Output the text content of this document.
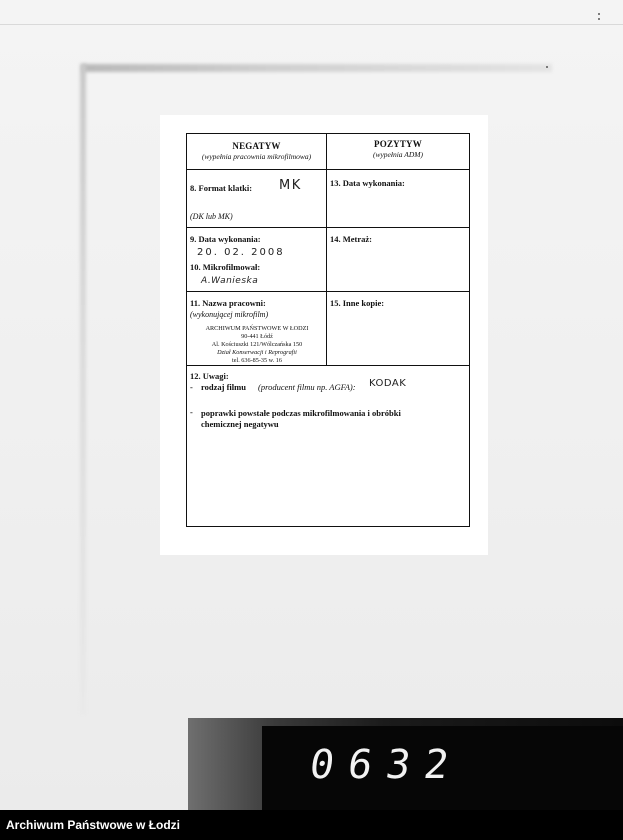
NEGATYW
(wypełnia pracownia mikrofilmowa)
POZYTYW
(wypełnia ADM)
8. Format klatki: MK
(DK lub MK)
13. Data wykonania:
9. Data wykonania:
20. 02. 2008
10. Mikrofilmował:
A.Wanieska
14. Metraż:
11. Nazwa pracowni:
(wykonującej mikrofilm)
ARCHIWUM PAŃSTWOWE W ŁODZI
90-441 Łódź
Al. Kościuszki 121/Wólczańska 150
Dział Konserwacji i Reprografii
tel. 636-85-35 w. 16
15. Inne kopie:
12. Uwagi:
- rodzaj filmu (producent filmu np. AGFA): KODAK
- poprawki powstałe podczas mikrofilmowania i obróbki
chemicznej negatywu
0632
Archiwum Państwowe w Łodzi
